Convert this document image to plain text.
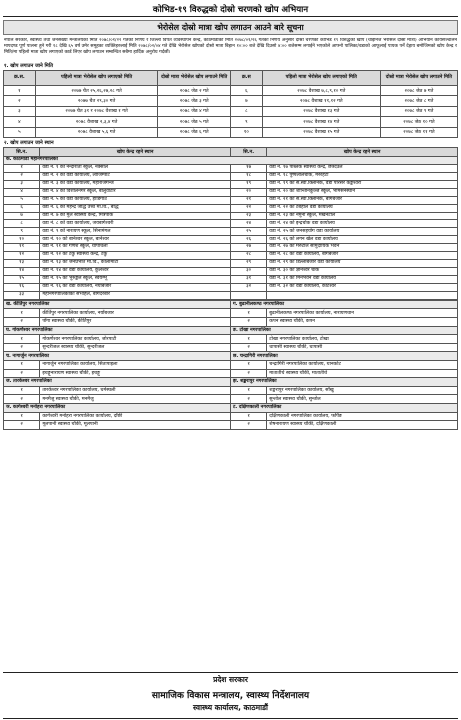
कोभिड-१९ विरुद्धको दोस्रो चरणको खोप अभियान
भेरोसेल दोस्रो मात्रा खोप लगाउन आउने बारे सूचना
नेपाल सरकार, स्वास्थ्य तथा जनसंख्या मन्त्रालयको मिति २०७८/०१/२२ गतेको निर्णय र जिल्ला विपत व्यवस्थापन केन्द्र, काठमाडौंको मिति २०७८/०१/२६ गतेको निर्णय अनुसार दोस्रो चरणको कोभिड १९ विरुद्धको खोप (चाइनिज भेरोसेल दोस्रो मात्रा) अभियान कार्यसञ्चालन मापदण्ड पूर्ण पालना हुने गरी १८ देखि ६५ वर्ष उमेर समूहका व्यक्तिहरुलाई मिति २०७८/०२/०४ गते देखि भेरोसेल खोपको दोस्रो मात्रा बिहान १०:०० बजे देखि दिउसो ४:०० बजेसम्म लगाईने भएकोले आफ्नो पालिका/वडाको आफूलाई पायक पर्ने देहाय बमोजिमको खोप केन्द्र र मिति/मा पहिलो मात्रा खोप लगाएको कार्ड लिएर खोप लगाउन सम्बन्धित सबैमा हार्दिक अनुरोध गर्दछौं।
१. खोप लगाउन जाने मिति
क्र.स.	पहिलो मात्रा भेरोसेल खोप लगाएको मिति	दोस्रो मात्रा भेरोसेल खोप लगाउने मिति	क्र.स	पहिलो मात्रा भेरोसेल खोप लगाएको मिति	दोस्रो मात्रा भेरोसेल खोप लगाउने मिति
१	२०७७ चैत २५,२६,२७,२८ गते	२०७८ जेठ २ गते	६	२०७८ वैशाख ७,८,९,१० गते	२०७८ जेठ ७ गते
२	२०७७ चैत २९,३० गते	२०७८ जेठ ३ गते	७	२०७८ वैशाख ११,१२ गते	२०७८ जेठ ८ गते
३	२०७७ चैत ३१ र २०७८ वैशाख १ गते	२०७८ जेठ ४ गते	८	२०७८ वैशाख १३ गते	२०७८ जेठ ९ गते
४	२०७८ वैशाख २,३,४ गते	२०७८ जेठ ५ गते	९	२०७८ वैशाख १४ गते	२०७८ जेठ १० गते
५	२०७८ वैशाख ५,६ गते	२०७८ जेठ ६ गते	१०	२०७८ वैशाख १५ गते	२०७८ जेठ ११ गते
२. खोप लगाउन जाने स्थान
सि.न.	खोप केन्द्र रहने स्थान	सि.न.	खोप केन्द्र रहने स्थान
क. काठमाडौं महानगरपालिका			
१	वडा नं. १ को नन्दीराती स्कुल, नक्साल	१७	वडा नं. १७ पब्लिक स्वास्थ्य केन्द्र, छत्रेदेउल
२	वडा नं. २ को वडा कार्यालय, लाजिम्पाट	१८	वडा नं. १८ पुष्पलालचोक, मरुहिटी
३	वडा नं. ३ को वडा कार्यालय, महाराजगन्ज	१९	वडा नं. १९ को स.स्वा.क्लिनिक, वडा परिसर कङ्केश्वरी
४	वडा नं. ४ को विशालनगर स्कूल, बालुवाटार	२०	वडा नं. २० को शान्तिनिकुञ्ज स्कूल, भीमसेनस्थान
५	वडा नं. ५ को वडा कार्यालय, हाँडिगाउँ	२१	वडा नं. २१ को स.स्वा.क्लिनिक, बागबजार
६	वडा नं. ६ को महेन्द्र जोद्ध उच्च मा.वि., बौद्ध	२२	वडा नं. २२ को टेबहाल वडा कार्यालय
७	वडा नं. ७ को मुल स्वास्थ्य केन्द्र, मित्रपार्क	२३	वडा नं. २३ को नमुना स्कुल, मखनटोल
८	वडा नं. ८ को वडा कार्यालय, जयबागेश्वरी	२४	वडा नं. २४ को इन्द्रचोक वडा कार्यालय
९	वडा नं. ९ को नारायण स्कूल, सिनामंगल	२५	वडा नं. २५ को जनसहयोग वडा कार्यालय
१०	वडा नं. १० को बानेश्वर स्कूल, बानेश्वर	२६	वडा नं. २६ को लगन खेल वडा कार्यालय
११	वडा नं. ११ को गणेश स्कूल, थापाथली	२७	वडा नं. २७ को मरुटोल सामुदायिक भवन
१२	वडा नं. १२ को टेकु स्वास्थ्य केन्द्र, टेकु	२८	वडा नं. २८ को वडा कार्यालय, बागबजार
१३	वडा नं. १३ को जनप्रभात मा.वि., कालीमाटी	२९	वडा नं. २९ को डिल्लीबजार वडा कार्यालय
१४	वडा नं. १४ को वडा कार्यालय, कुलेश्वर	३०	वडा नं. ३० को ज्ञानेश्वर चोक
१५	वडा नं. १५ को भुरुङ्खेल स्कूल, स्वयम्भू	३१	वडा नं. ३१ को मिनभवन वडा कार्यालय
१६	वडा नं. १६ को वडा कार्यालय, नयाँबजार	३२	वडा नं. ३२ को वडा कार्यालय, कोटेश्वर
३३	महानगरपालिकाको सभाहल, बागदरबार		
ख. कीर्तिपुर नगरपालिका		ग. बुढानीलकण्ठ नगरपालिका	
१	कीर्तिपुर नगरपालिका कार्यालय, नयाँबजार	१	बुढानीलकण्ठ नगरपालिका कार्यालय, नारायणथान
२	पाँगा स्वास्थ्य चौकी, कीर्तिपुर	२	कपन स्वास्थ्य चौकी, कपन
घ. गोकर्णेश्वर नगरपालिका		ङ. टोखा नगरपालिका	
१	गोकर्णेश्वर नगरपालिका कार्यालय, जोरपाटी	१	टोखा नगरपालिका कार्यालय, टोखा
२	सुन्दरीजल स्वास्थ्य चौकी, सुन्दरीजल	२	धापासी स्वास्थ्य चौकी, धापासी
च. नागार्जुन नगरपालिका		छ. चन्द्रागिरी नगरपालिका	
१	नागार्जुन नगरपालिका कार्यालय, सितापाइला	१	चन्द्रागिरी नगरपालिका कार्यालय, थानकोट
२	इचङ्गुनारायण स्वास्थ्य चौकी, इचङ्गु	२	मातातीर्थ स्वास्थ्य चौकी, मातातीर्थ
ज. तारकेश्वर नगरपालिका		झ. शङ्खरापुर नगरपालिका	
१	तारकेश्वर नगरपालिका कार्यालय, धर्मस्थली	१	शङ्खरापुर नगरपालिका कार्यालय, साँखु
२	मनमैजु स्वास्थ्य चौकी, मनमैजु	२	सुन्तोल स्वास्थ्य चौकी, सुन्तोल
ञ. कागेश्वरी मनोहरा नगरपालिका		ट. दक्षिणकाली नगरपालिका	
१	कागेश्वरी मनोहरा नगरपालिका कार्यालय, दाँछी	१	दक्षिणकाली नगरपालिका कार्यालय, फर्पिङ
२	मूलपानी स्वास्थ्य चौकी, मूलपानी	२	शेषनारायण स्वास्थ्य चौकी, दक्षिणकाली
प्रदेश सरकार
सामाजिक विकास मन्त्रालय, स्वास्थ्य निर्देशनालय
स्वास्थ्य कार्यालय, काठमाडौं
